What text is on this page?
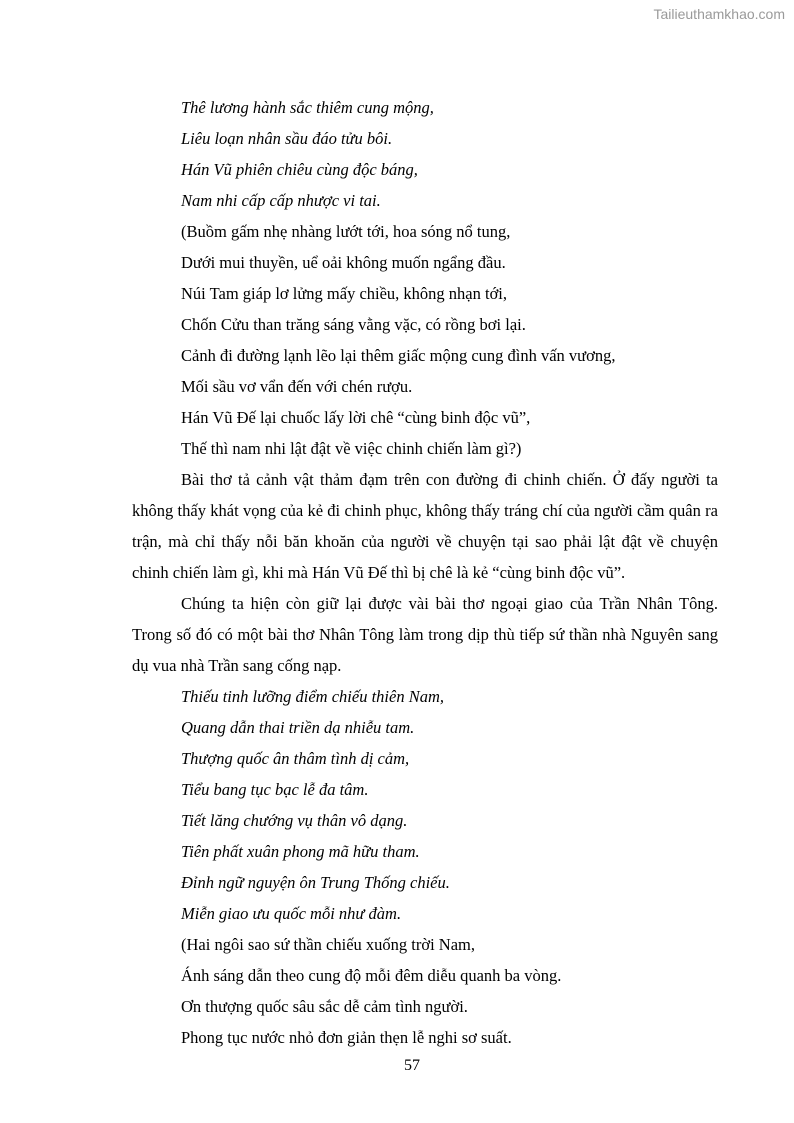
Tailieuthamkhao.com
Thê lương hành sắc thiêm cung mộng,
Liêu loạn nhân sầu đáo tửu bôi.
Hán Vũ phiên chiêu cùng độc báng,
Nam nhi cấp cấp nhược vi tai.
(Buồm gấm nhẹ nhàng lướt tới, hoa sóng nổ tung,
Dưới mui thuyền, uể oải không muốn ngẩng đầu.
Núi Tam giáp lơ lửng mấy chiều, không nhạn tới,
Chốn Cửu than trăng sáng vằng vặc, có rồng bơi lại.
Cảnh đi đường lạnh lẽo lại thêm giấc mộng cung đình vấn vương,
Mối sầu vơ vẩn đến với chén rượu.
Hán Vũ Đế lại chuốc lấy lời chê “cùng binh độc vũ”,
Thế thì nam nhi lật đật về việc chinh chiến làm gì?)

Bài thơ tả cảnh vật thảm đạm trên con đường đi chinh chiến. Ở đấy người ta không thấy khát vọng của kẻ đi chinh phục, không thấy tráng chí của người cầm quân ra trận, mà chỉ thấy nỗi băn khoăn của người về chuyện tại sao phải lật đật về chuyện chinh chiến làm gì, khi mà Hán Vũ Đế thì bị chê là kẻ “cùng binh độc vũ”.

Chúng ta hiện còn giữ lại được vài bài thơ ngoại giao của Trần Nhân Tông. Trong số đó có một bài thơ Nhân Tông làm trong dịp thù tiếp sứ thần nhà Nguyên sang dụ vua nhà Trần sang cống nạp.

Thiếu tinh lưỡng điểm chiếu thiên Nam,
Quang dẫn thai triền dạ nhiễu tam.
Thượng quốc ân thâm tình dị cảm,
Tiểu bang tục bạc lễ đa tâm.
Tiết lăng chướng vụ thân vô dạng.
Tiên phất xuân phong mã hữu tham.
Đỉnh ngữ nguyện ôn Trung Thống chiếu.
Miễn giao ưu quốc mỗi như đàm.
(Hai ngôi sao sứ thần chiếu xuống trời Nam,
Ánh sáng dẫn theo cung độ mỗi đêm diễu quanh ba vòng.
Ơn thượng quốc sâu sắc dễ cảm tình người.
Phong tục nước nhỏ đơn giản thẹn lễ nghi sơ suất.
57
